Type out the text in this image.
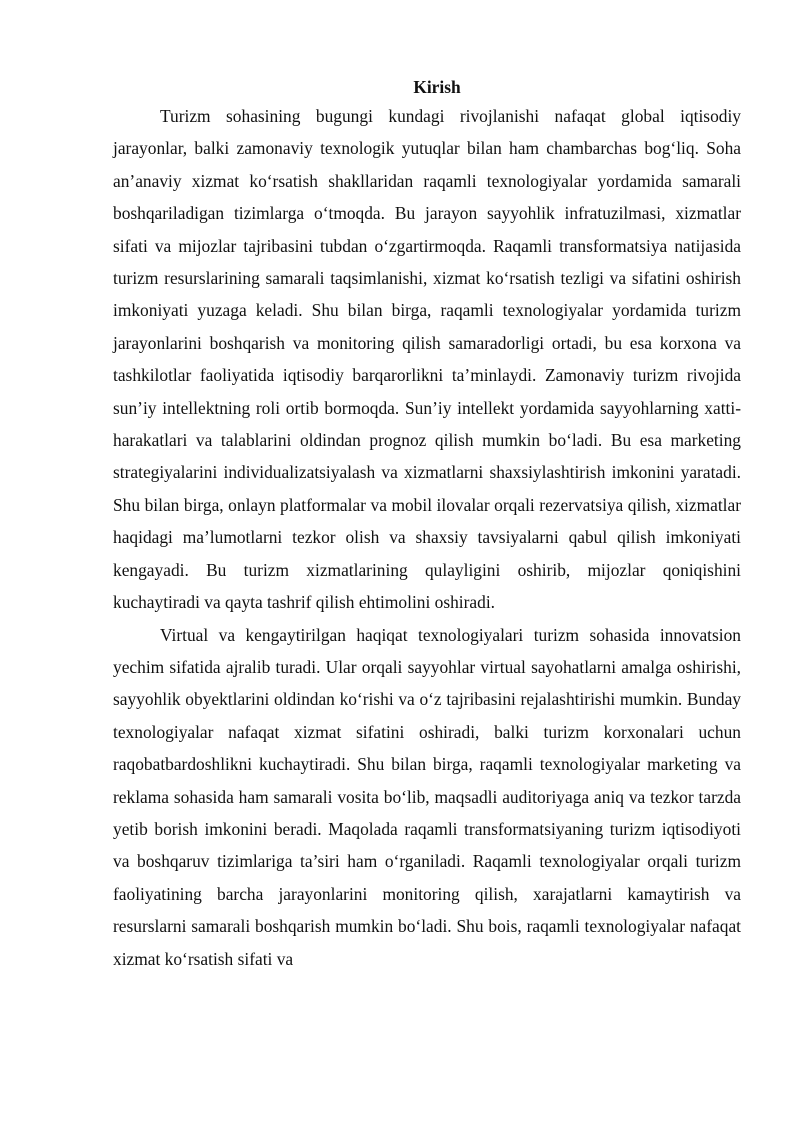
Kirish

Turizm sohasining bugungi kundagi rivojlanishi nafaqat global iqtisodiy jarayonlar, balki zamonaviy texnologik yutuqlar bilan ham chambarchas bog‘liq. Soha an’anaviy xizmat ko‘rsatish shakllaridan raqamli texnologiyalar yordamida samarali boshqariladigan tizimlarga o‘tmoqda. Bu jarayon sayyohlik infratuzilmasi, xizmatlar sifati va mijozlar tajribasini tubdan o‘zgartirmoqda. Raqamli transformatsiya natijasida turizm resurslarining samarali taqsimlanishi, xizmat ko‘rsatish tezligi va sifatini oshirish imkoniyati yuzaga keladi. Shu bilan birga, raqamli texnologiyalar yordamida turizm jarayonlarini boshqarish va monitoring qilish samaradorligi ortadi, bu esa korxona va tashkilotlar faoliyatida iqtisodiy barqarorlikni ta’minlaydi. Zamonaviy turizm rivojida sun’iy intellektning roli ortib bormoqda. Sun’iy intellekt yordamida sayyohlarning xatti-harakatlari va talablarini oldindan prognoz qilish mumkin bo‘ladi. Bu esa marketing strategiyalarini individualizatsiyalash va xizmatlarni shaxsiylashtirish imkonini yaratadi. Shu bilan birga, onlayn platformalar va mobil ilovalar orqali rezervatsiya qilish, xizmatlar haqidagi ma’lumotlarni tezkor olish va shaxsiy tavsiyalarni qabul qilish imkoniyati kengayadi. Bu turizm xizmatlarining qulayligini oshirib, mijozlar qoniqishini kuchaytiradi va qayta tashrif qilish ehtimolini oshiradi.

Virtual va kengaytirilgan haqiqat texnologiyalari turizm sohasida innovatsion yechim sifatida ajralib turadi. Ular orqali sayyohlar virtual sayohatlarni amalga oshirishi, sayyohlik obyektlarini oldindan ko‘rishi va o‘z tajribasini rejalashtirishi mumkin. Bunday texnologiyalar nafaqat xizmat sifatini oshiradi, balki turizm korxonalari uchun raqobatbardoshlikni kuchaytiradi. Shu bilan birga, raqamli texnologiyalar marketing va reklama sohasida ham samarali vosita bo‘lib, maqsadli auditoriyaga aniq va tezkor tarzda yetib borish imkonini beradi. Maqolada raqamli transformatsiyaning turizm iqtisodiyoti va boshqaruv tizimlariga ta’siri ham o‘rganiladi. Raqamli texnologiyalar orqali turizm faoliyatining barcha jarayonlarini monitoring qilish, xarajatlarni kamaytirish va resurslarni samarali boshqarish mumkin bo‘ladi. Shu bois, raqamli texnologiyalar nafaqat xizmat ko‘rsatish sifati va
